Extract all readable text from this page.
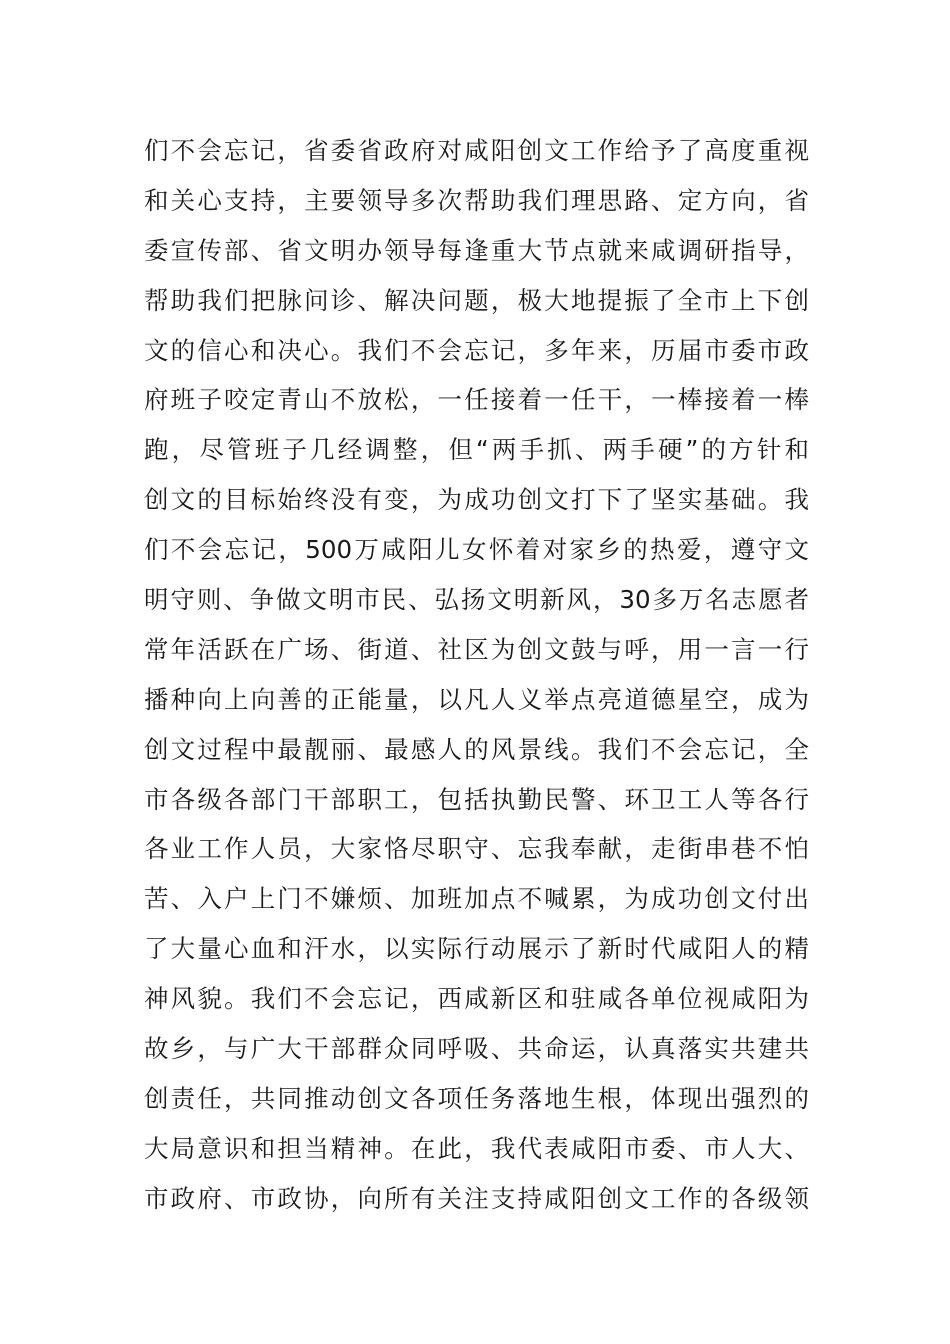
们不会忘记，省委省政府对咸阳创文工作给予了高度重视
和关心支持，主要领导多次帮助我们理思路、定方向，省
委宣传部、省文明办领导每逢重大节点就来咸调研指导，
帮助我们把脉问诊、解决问题，极大地提振了全市上下创
文的信心和决心。我们不会忘记，多年来，历届市委市政
府班子咬定青山不放松，一任接着一任干，一棒接着一棒
跑，尽管班子几经调整，但“两手抓、两手硬”的方针和
创文的目标始终没有变，为成功创文打下了坚实基础。我
们不会忘记，500万咸阳儿女怀着对家乡的热爱，遵守文
明守则、争做文明市民、弘扬文明新风，30多万名志愿者
常年活跃在广场、街道、社区为创文鼓与呼，用一言一行
播种向上向善的正能量，以凡人义举点亮道德星空，成为
创文过程中最靓丽、最感人的风景线。我们不会忘记，全
市各级各部门干部职工，包括执勤民警、环卫工人等各行
各业工作人员，大家恪尽职守、忘我奉献，走街串巷不怕
苦、入户上门不嫌烦、加班加点不喊累，为成功创文付出
了大量心血和汗水，以实际行动展示了新时代咸阳人的精
神风貌。我们不会忘记，西咸新区和驻咸各单位视咸阳为
故乡，与广大干部群众同呼吸、共命运，认真落实共建共
创责任，共同推动创文各项任务落地生根，体现出强烈的
大局意识和担当精神。在此，我代表咸阳市委、市人大、
市政府、市政协，向所有关注支持咸阳创文工作的各级领
